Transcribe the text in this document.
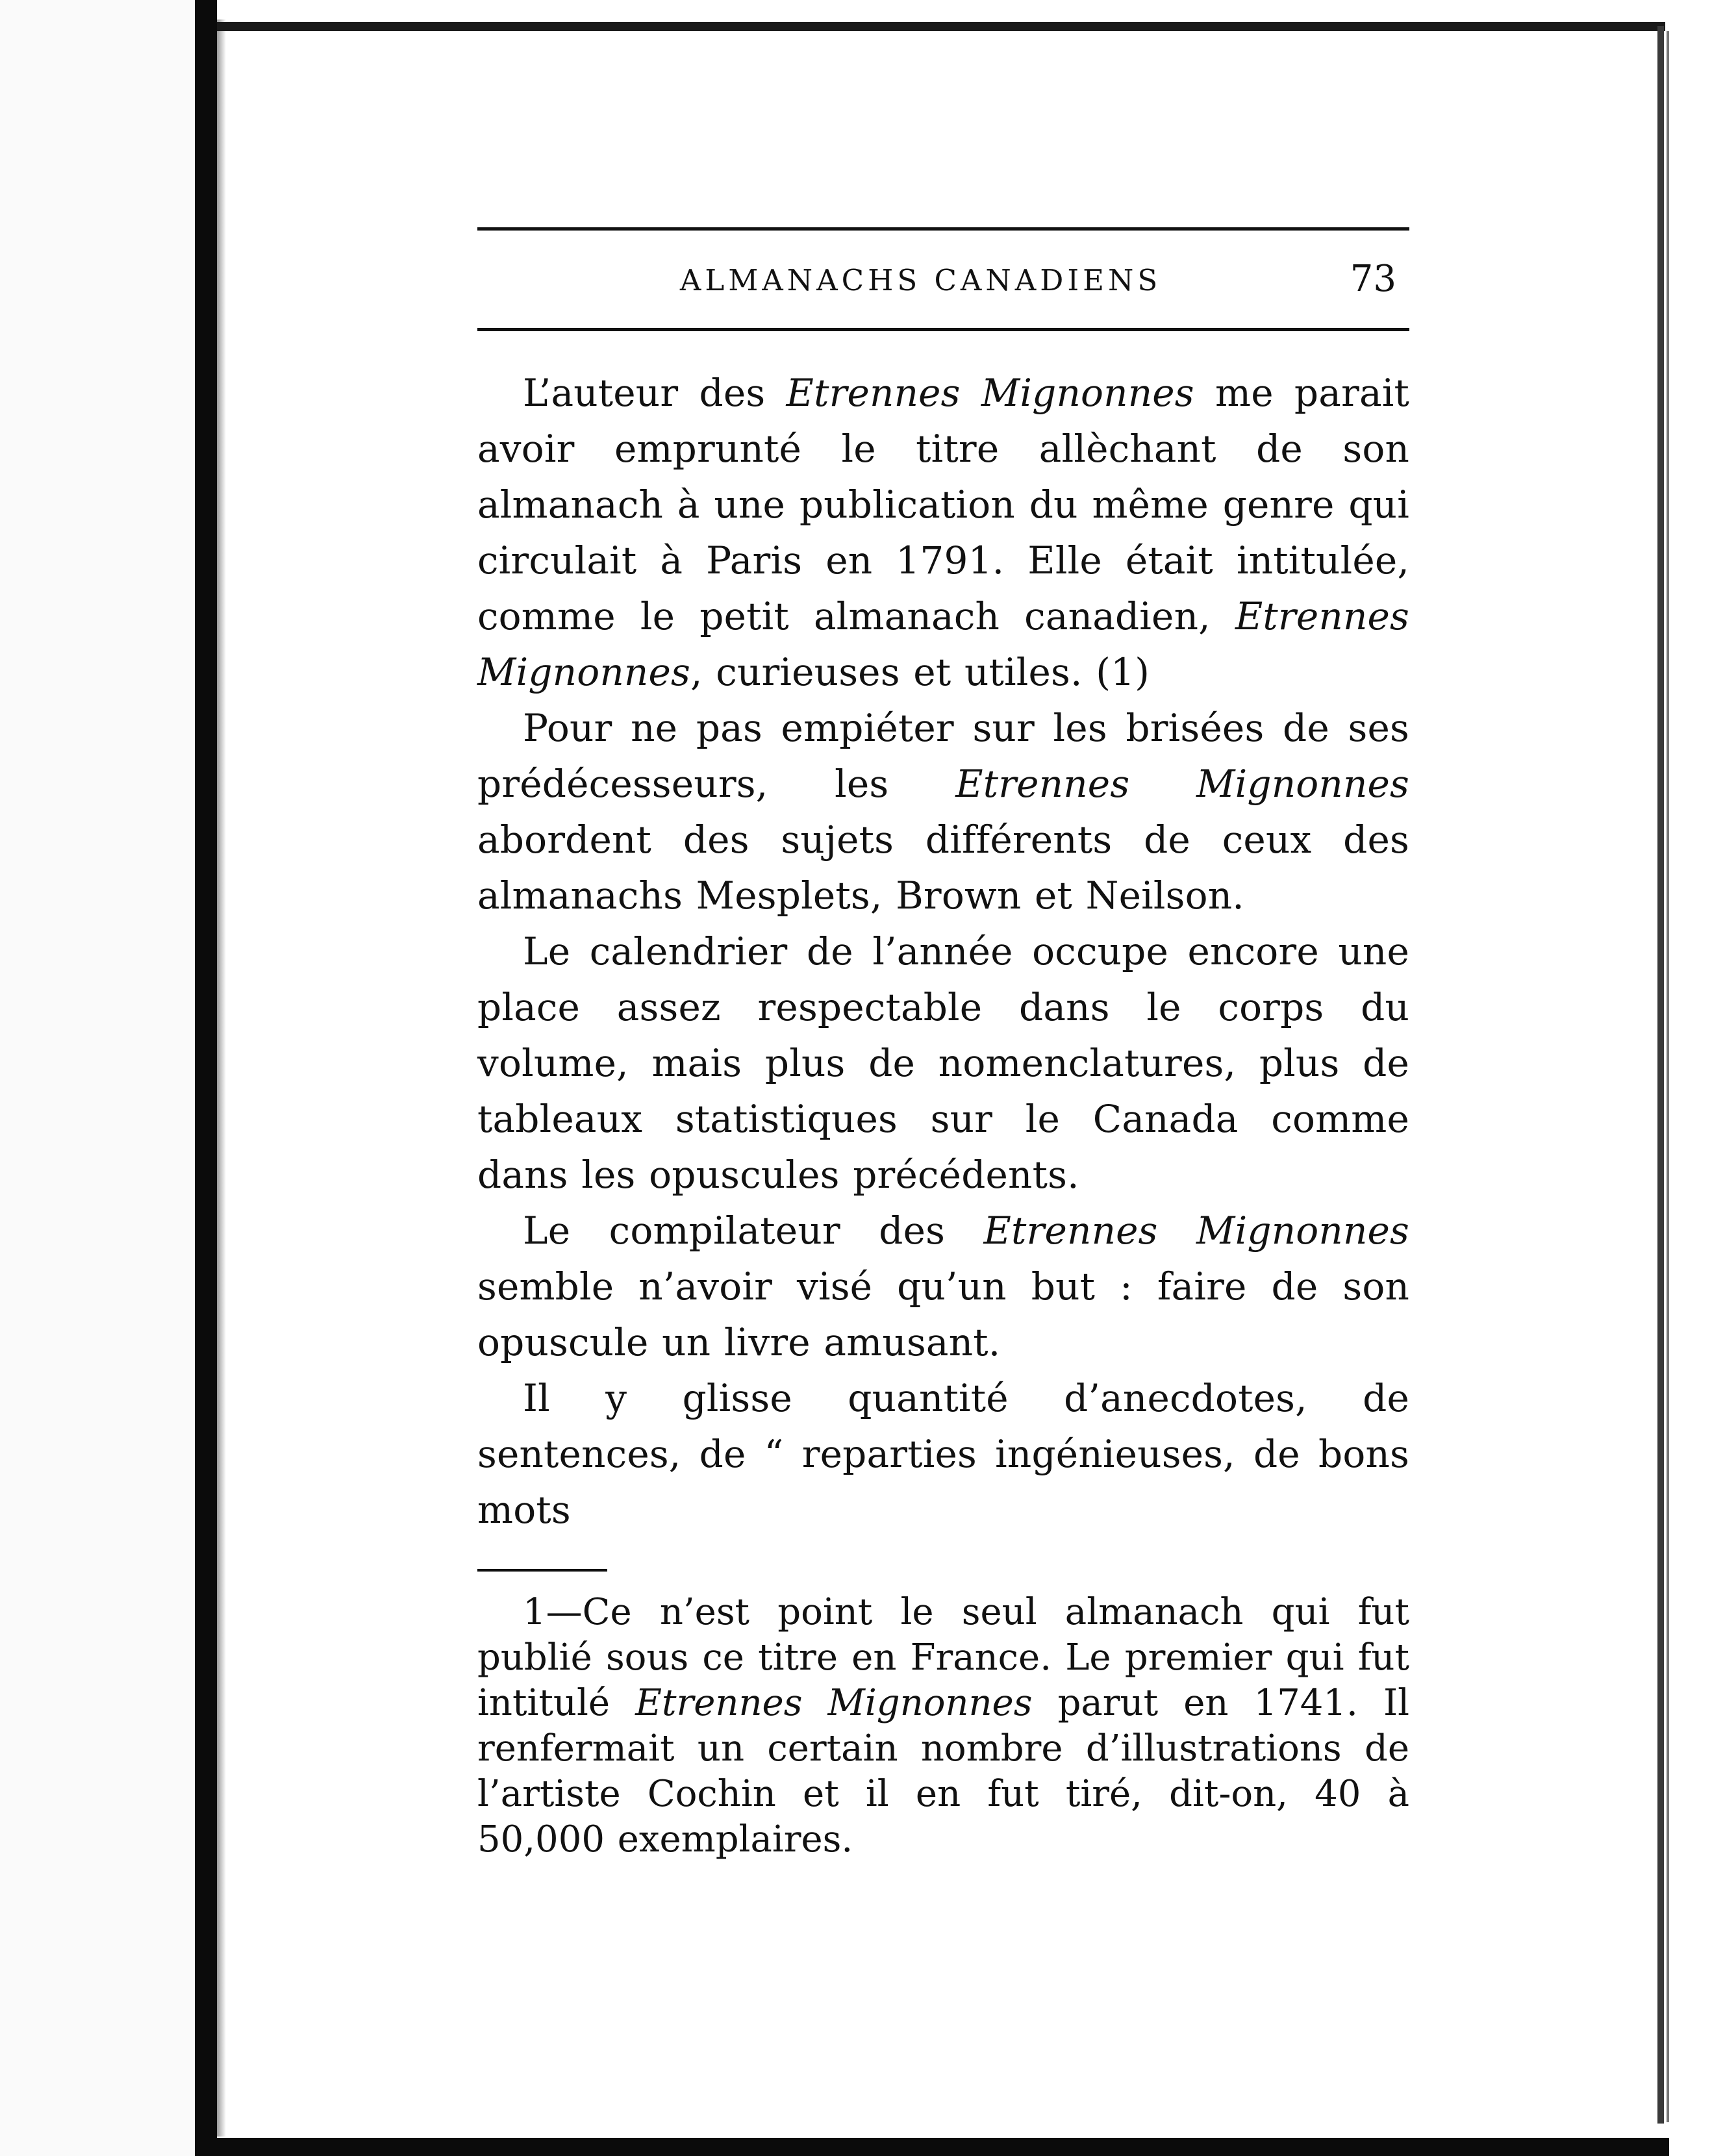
ALMANACHS CANADIENS	73

L’auteur des Etrennes Mignonnes me parait avoir emprunté le titre allèchant de son almanach à une publication du même genre qui circulait à Paris en 1791. Elle était intitulée, comme le petit almanach canadien, Etrennes Mignonnes, curieuses et utiles. (1)

Pour ne pas empiéter sur les brisées de ses prédécesseurs, les Etrennes Mignonnes abordent des sujets différents de ceux des almanachs Mesplets, Brown et Neilson.

Le calendrier de l’année occupe encore une place assez respectable dans le corps du volume, mais plus de nomenclatures, plus de tableaux statistiques sur le Canada comme dans les opuscules précédents.

Le compilateur des Etrennes Mignonnes semble n’avoir visé qu’un but : faire de son opuscule un livre amusant.

Il y glisse quantité d’anecdotes, de sentences, de “ reparties ingénieuses, de bons mots

1—Ce n’est point le seul almanach qui fut publié sous ce titre en France. Le premier qui fut intitulé Etrennes Mignonnes parut en 1741. Il renfermait un certain nombre d’illustrations de l’artiste Cochin et il en fut tiré, dit-on, 40 à 50,000 exemplaires.
